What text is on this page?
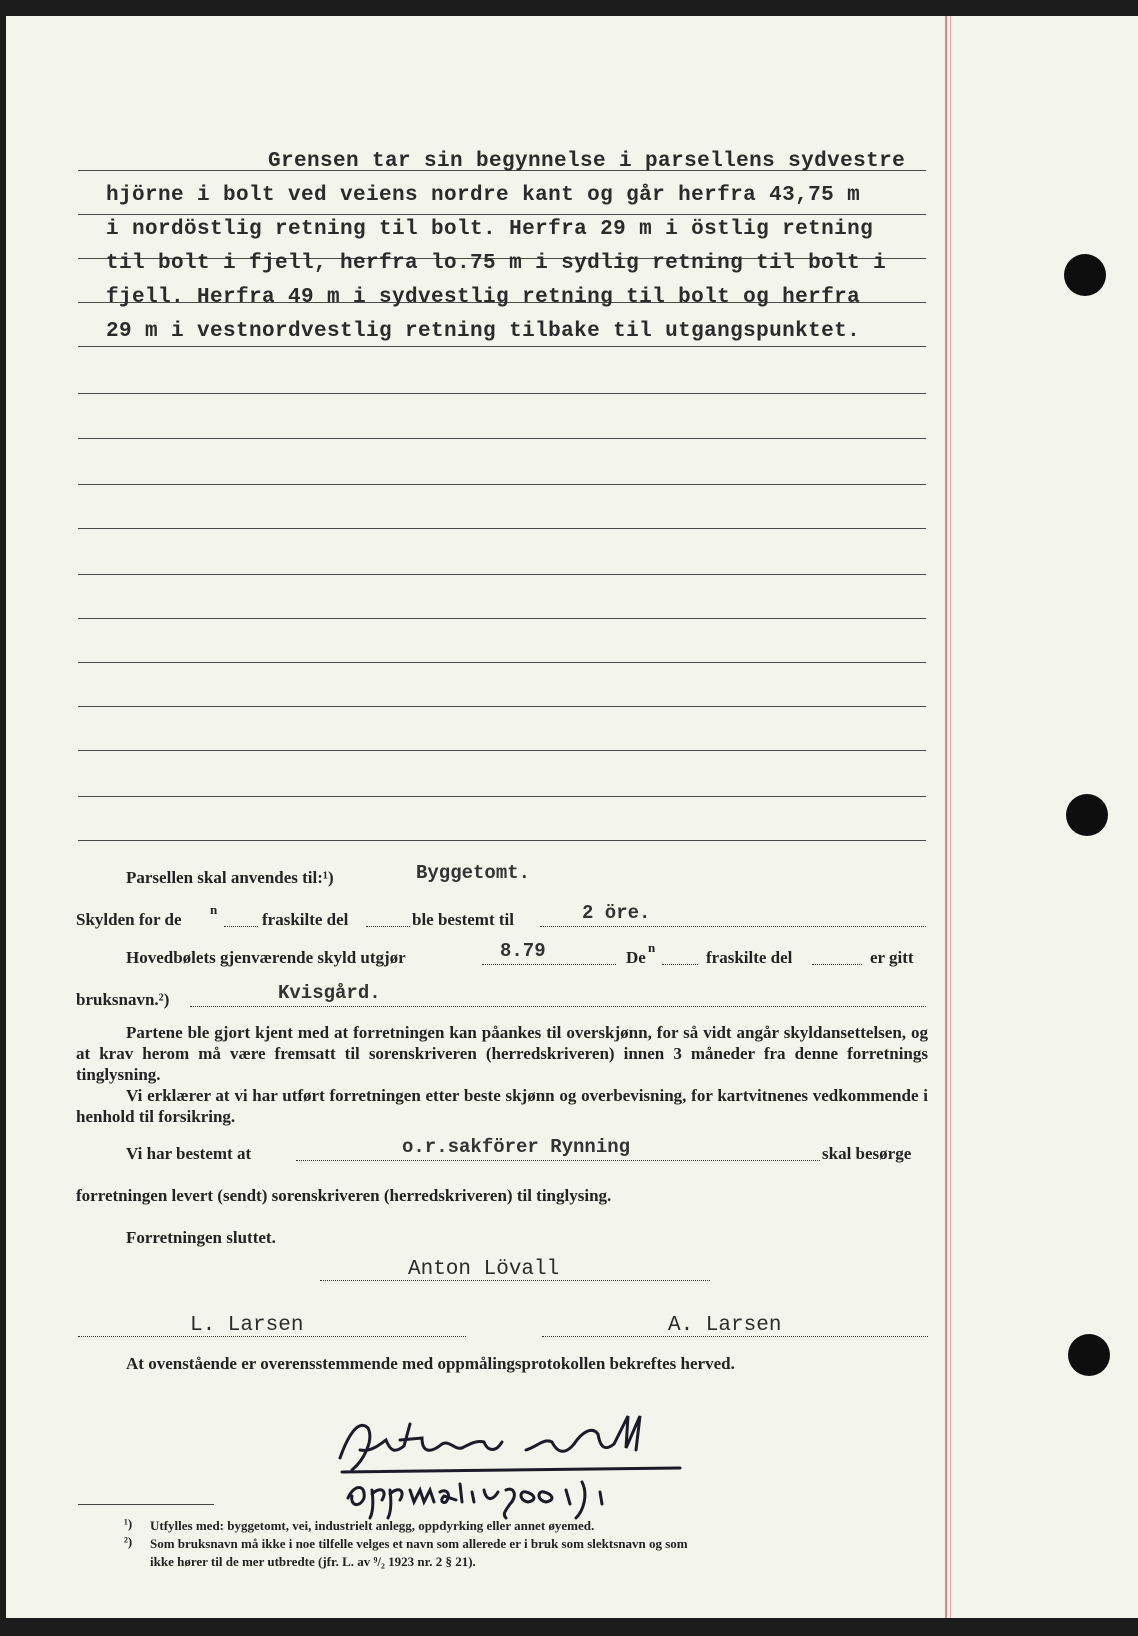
Grensen tar sin begynnelse i parsellens sydvestre
hjörne i bolt ved veiens nordre kant og går herfra 43,75 m
i nordöstlig retning til bolt. Herfra 29 m i östlig retning
til bolt i fjell, herfra lo.75 m i sydlig retning til bolt i
fjell. Herfra 49 m i sydvestlig retning til bolt og herfra
29 m i vestnordvestlig retning tilbake til utgangspunktet.
Parsellen skal anvendes til:¹)	Byggetomt.
Skylden for de
n
fraskilte del	ble bestemt til	2 öre.
Hovedbølets gjenværende skyld utgjør	8.79	De
n
fraskilte del	er gitt
bruksnavn.²)	Kvisgård.
Partene ble gjort kjent med at forretningen kan påankes til overskjønn, for så vidt angår skyldansettelsen, og at krav herom må være fremsatt til sorenskriveren (herredskriveren) innen 3 måneder fra denne forretnings tinglysning.
Vi erklærer at vi har utført forretningen etter beste skjønn og overbevisning, for kartvitnenes vedkommende i henhold til forsikring.
Vi har bestemt at	o.r.sakförer Rynning	skal besørge
forretningen levert (sendt) sorenskriveren (herredskriveren) til tinglysing.
Forretningen sluttet.
Anton Lövall
L. Larsen	A. Larsen
At ovenstående er overensstemmende med oppmålingsprotokollen bekreftes herved.
¹) Utfylles med: byggetomt, vei, industrielt anlegg, oppdyrking eller annet øyemed.
²) Som bruksnavn må ikke i noe tilfelle velges et navn som allerede er i bruk som slektsnavn og som
ikke hører til de mer utbredte (jfr. L. av ⁹/₂ 1923 nr. 2 § 21).
